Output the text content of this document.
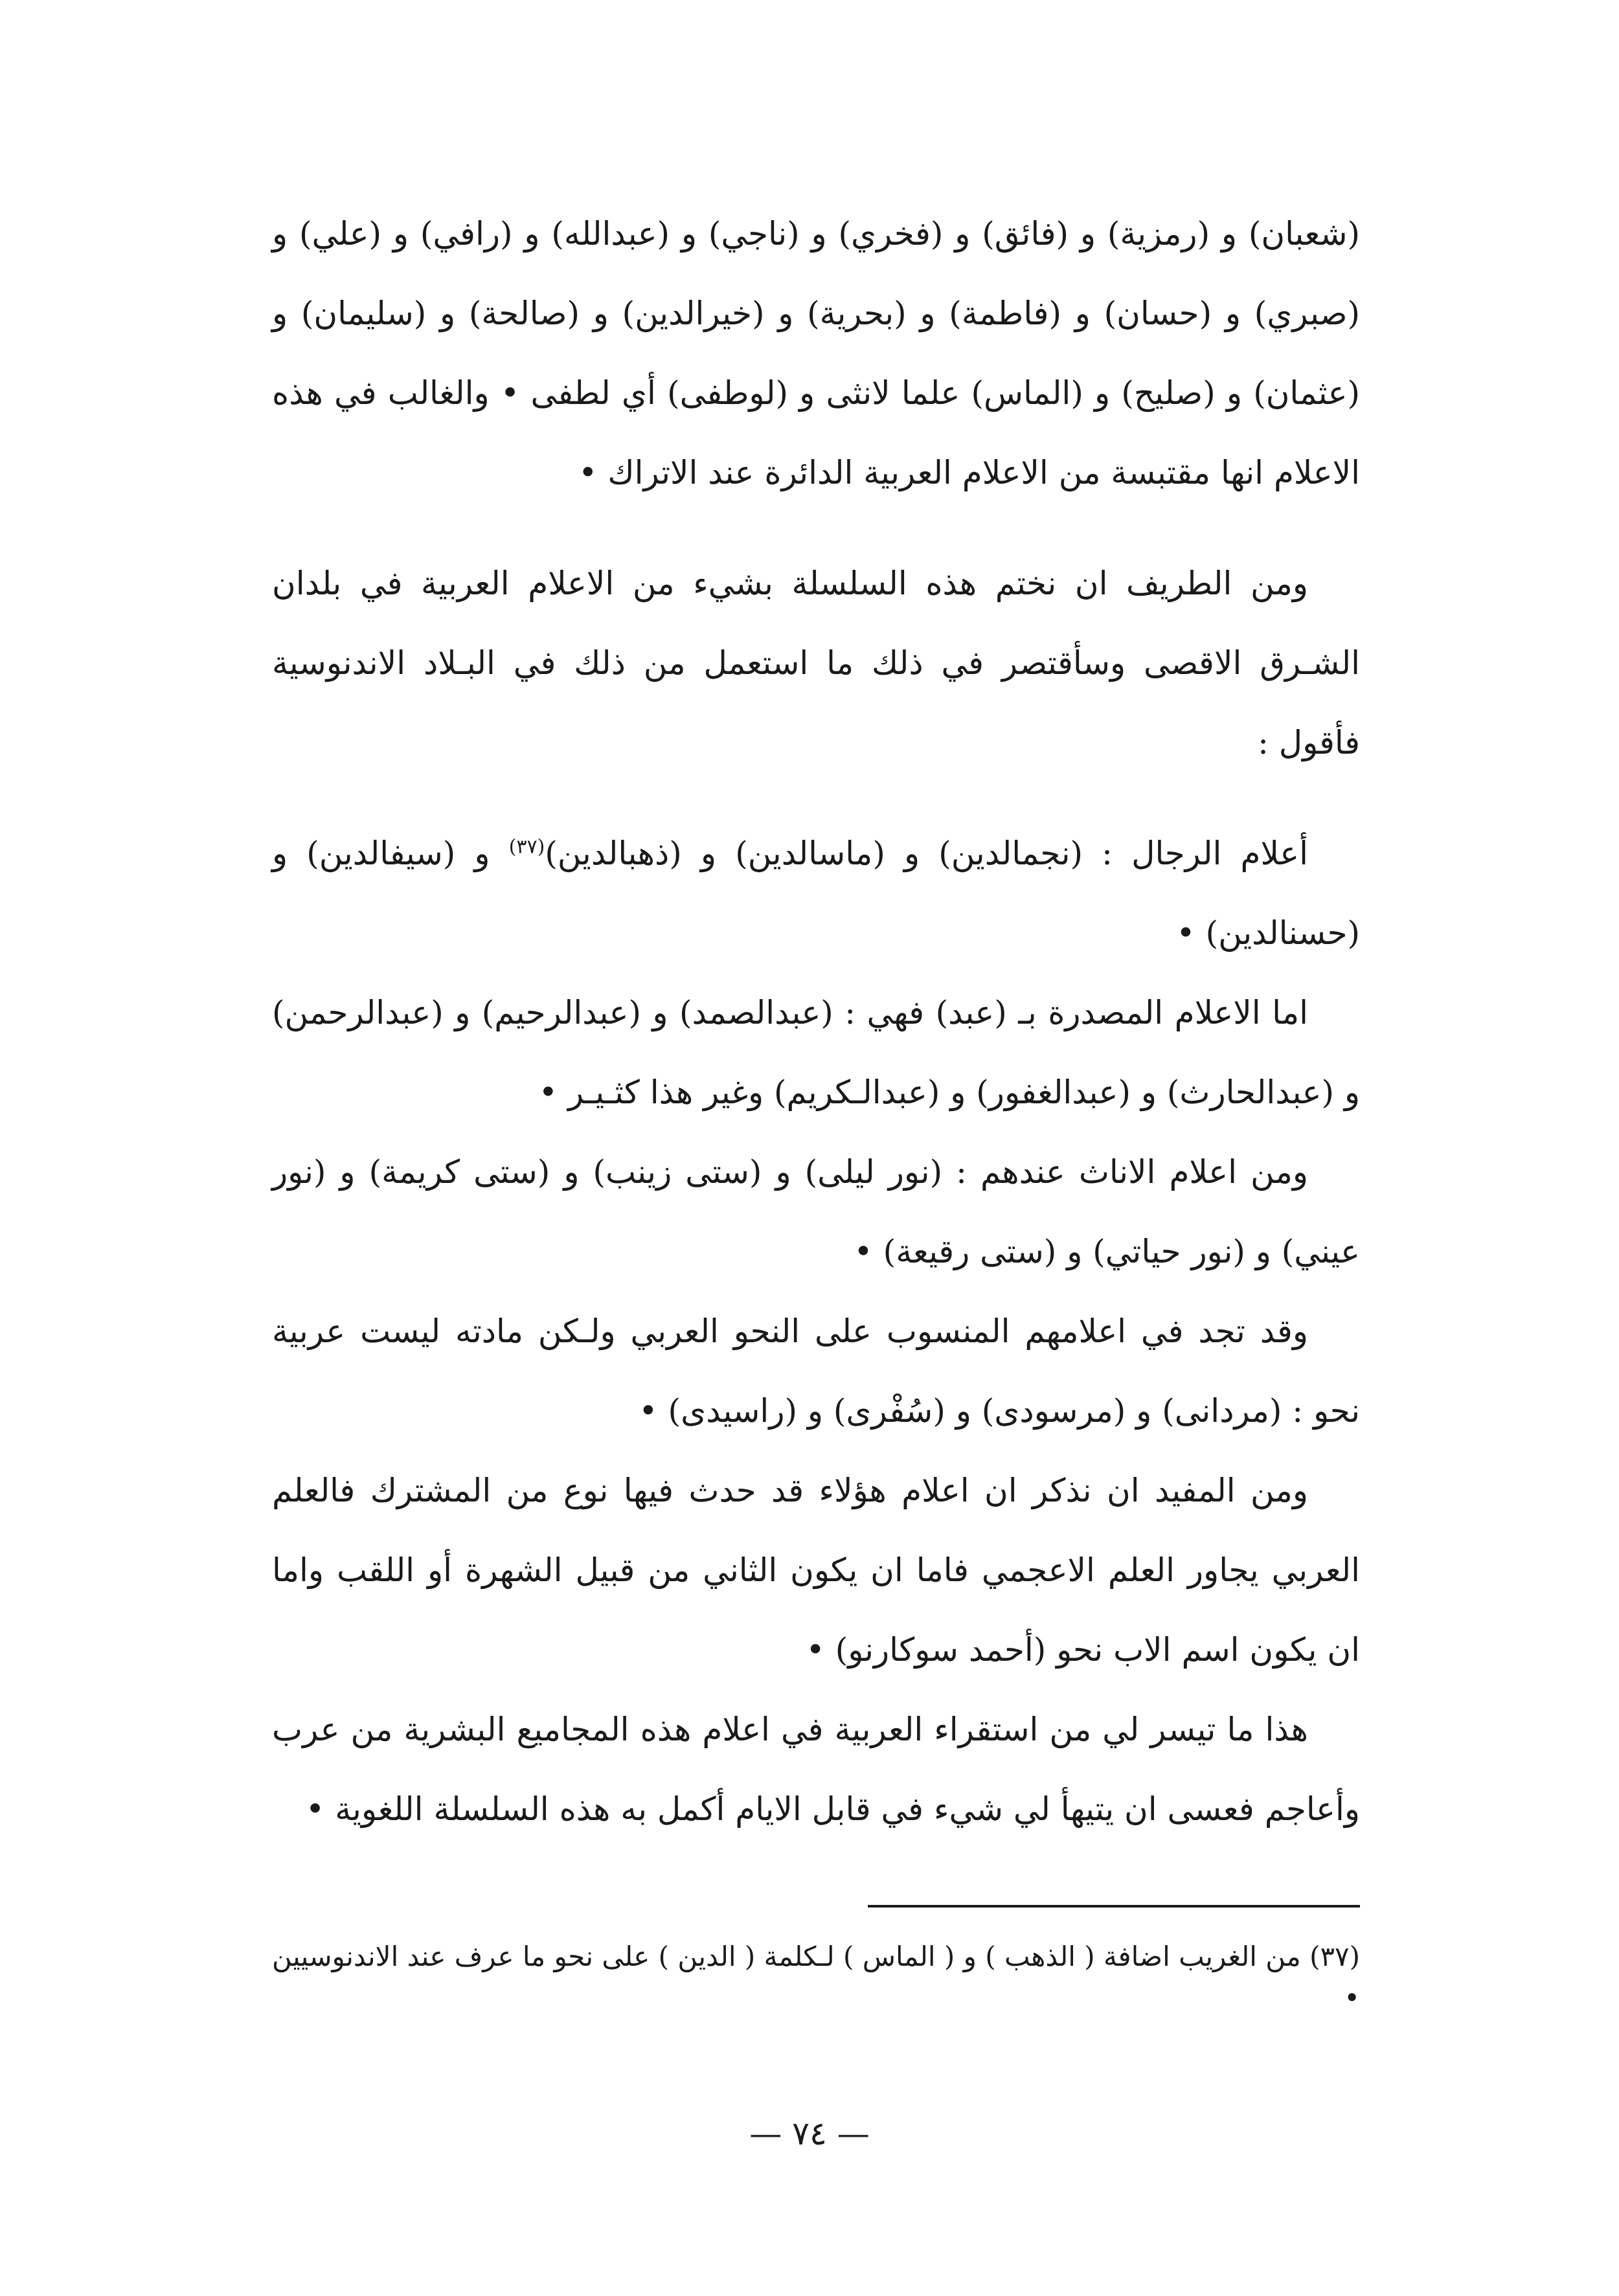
(شعبان) و (رمزية) و (فائق) و (فخري) و (ناجي) و (عبدالله) و (رافي) و (علي) و (صبري) و (حسان) و (فاطمة) و (بحرية) و (خيرالدين) و (صالحة) و (سليمان) و (عثمان) و (صليح) و (الماس) علما لانثى و (لوطفى) أي لطفى • والغالب في هذه الاعلام انها مقتبسة من الاعلام العربية الدائرة عند الاتراك •

ومن الطريف ان نختم هذه السلسلة بشيء من الاعلام العربية في بلدان الشـرق الاقصى وسأقتصر في ذلك ما استعمل من ذلك في البـلاد الاندنوسية فأقول :

أعلام الرجال : (نجمالدين) و (ماسالدين) و (ذهبالدين)$^{(٣٧)}$ و (سيفالدين) و (حسنالدين) •

اما الاعلام المصدرة بـ (عبد) فهي : (عبدالصمد) و (عبدالرحيم) و (عبدالرحمن) و (عبدالحارث) و (عبدالغفور) و (عبدالـكريم) وغير هذا كثـيـر •

ومن اعلام الاناث عندهم : (نور ليلى) و (ستى زينب) و (ستى كريمة) و (نور عيني) و (نور حياتي) و (ستى رقيعة) •

وقد تجد في اعلامهم المنسوب على النحو العربي ولـكن مادته ليست عربية نحو : (مردانى) و (مرسودى) و (سُفْرى) و (راسيدى) •

ومن المفيد ان نذكر ان اعلام هؤلاء قد حدث فيها نوع من المشترك فالعلم العربي يجاور العلم الاعجمي فاما ان يكون الثاني من قبيل الشهرة أو اللقب واما ان يكون اسم الاب نحو (أحمد سوكارنو) •

هذا ما تيسر لي من استقراء العربية في اعلام هذه المجاميع البشرية من عرب وأعاجم فعسى ان يتيهأ لي شيء في قابل الايام أكمل به هذه السلسلة اللغوية •

(٣٧) من الغريب اضافة ( الذهب ) و ( الماس ) لـكلمة ( الدين ) على نحو ما عرف عند الاندنوسيين •

— ٧٤ —
